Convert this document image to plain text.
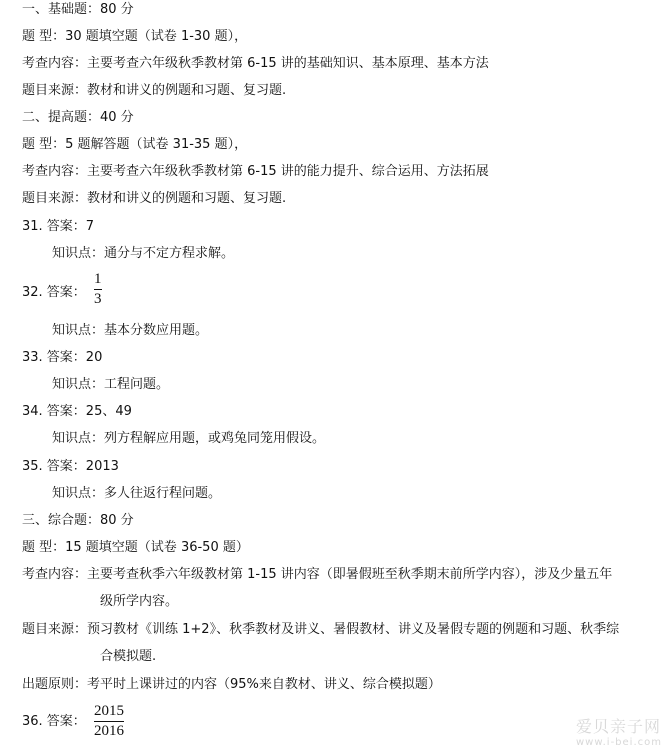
一、基础题：80 分
题 型：30 题填空题（试卷 1-30 题），
考查内容：主要考查六年级秋季教材第 6-15 讲的基础知识、基本原理、基本方法
题目来源：教材和讲义的例题和习题、复习题.
二、提高题：40 分
题 型：5 题解答题（试卷 31-35 题），
考查内容：主要考查六年级秋季教材第 6-15 讲的能力提升、综合运用、方法拓展
题目来源：教材和讲义的例题和习题、复习题.
31. 答案：7
知识点：通分与不定方程求解。
32. 答案：
1
3
知识点：基本分数应用题。
33. 答案：20
知识点：工程问题。
34. 答案：25、49
知识点：列方程解应用题，或鸡兔同笼用假设。
35. 答案：2013
知识点：多人往返行程问题。
三、综合题：80 分
题 型：15 题填空题（试卷 36-50 题）
考查内容：主要考查秋季六年级教材第 1-15 讲内容（即暑假班至秋季期末前所学内容），涉及少量五年
级所学内容。
题目来源：预习教材《训练 1+2》、秋季教材及讲义、暑假教材、讲义及暑假专题的例题和习题、秋季综
合模拟题.
出题原则：考平时上课讲过的内容（95%来自教材、讲义、综合模拟题）
36. 答案：
2015
2016	爱贝亲子网
www.i-bei.com
